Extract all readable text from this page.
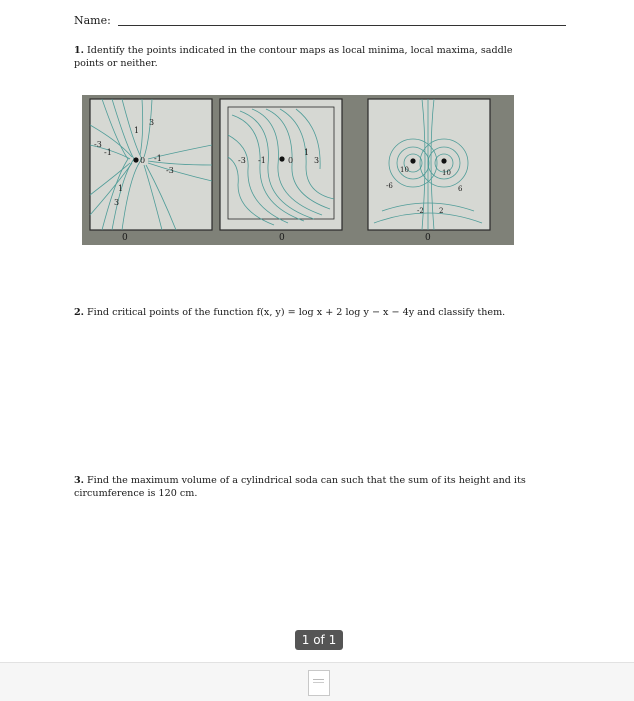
Name:
1. Identify the points indicated in the contour maps as local minima, local maxima, saddle points or neither.
3
1
-3
-1
0 -1
-3
1
3
0
-3 -1	0
1
3
0
10	10
-6
-2 2
6
0
2. Find critical points of the function f(x, y) = log x + 2 log y − x − 4y and classify them.
3. Find the maximum volume of a cylindrical soda can such that the sum of its height and its circumference is 120 cm.
1 of 1
